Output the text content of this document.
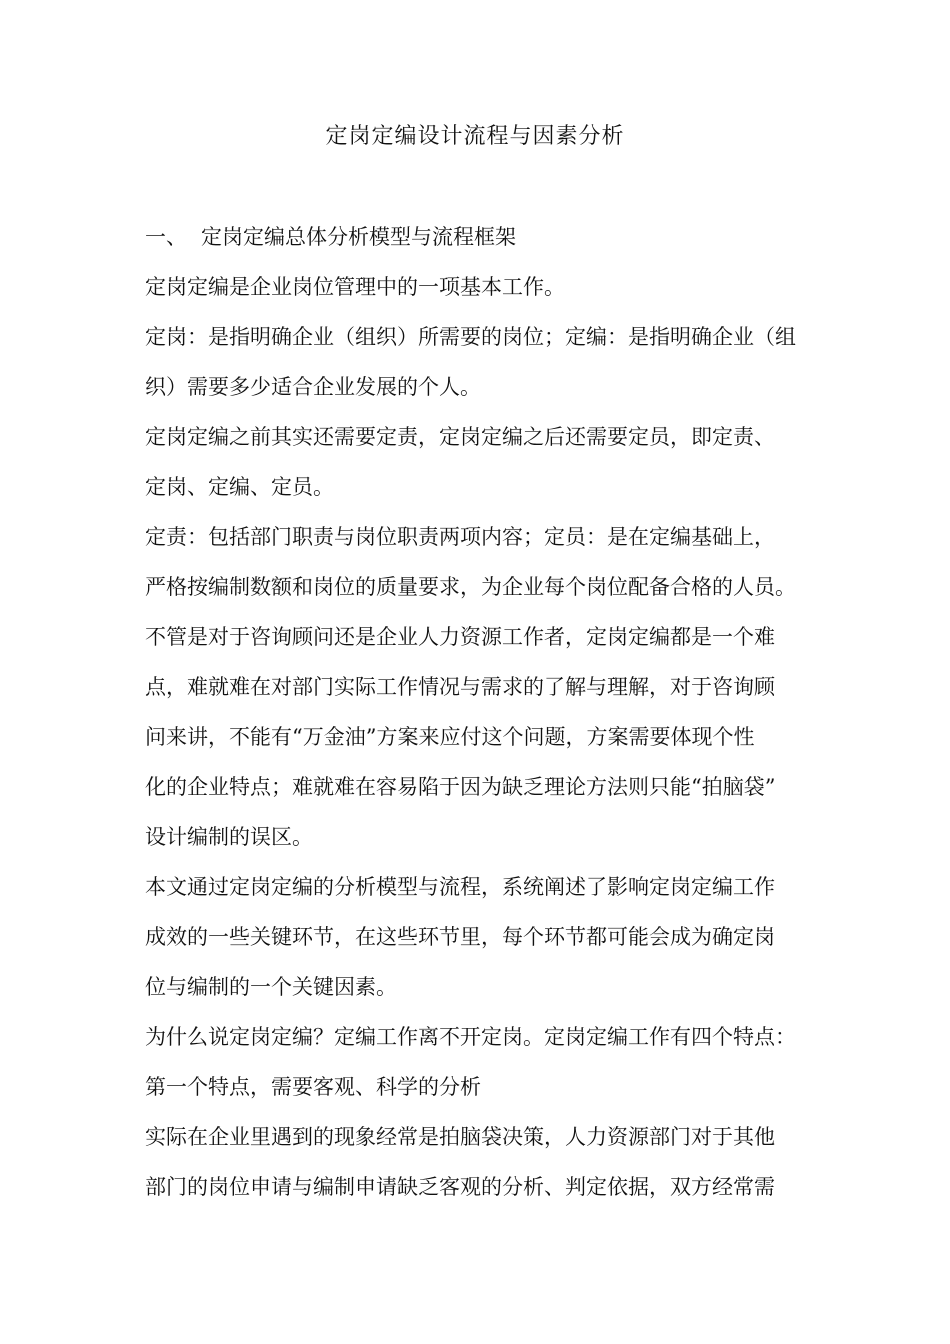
定岗定编设计流程与因素分析
一、 定岗定编总体分析模型与流程框架
定岗定编是企业岗位管理中的一项基本工作。
定岗：是指明确企业（组织）所需要的岗位；定编：是指明确企业（组
织）需要多少适合企业发展的个人。
定岗定编之前其实还需要定责，定岗定编之后还需要定员，即定责、
定岗、定编、定员。
定责：包括部门职责与岗位职责两项内容；定员：是在定编基础上，
严格按编制数额和岗位的质量要求，为企业每个岗位配备合格的人员。
不管是对于咨询顾问还是企业人力资源工作者，定岗定编都是一个难
点，难就难在对部门实际工作情况与需求的了解与理解，对于咨询顾
问来讲，不能有“万金油”方案来应付这个问题，方案需要体现个性
化的企业特点；难就难在容易陷于因为缺乏理论方法则只能“拍脑袋”
设计编制的误区。
本文通过定岗定编的分析模型与流程，系统阐述了影响定岗定编工作
成效的一些关键环节，在这些环节里，每个环节都可能会成为确定岗
位与编制的一个关键因素。
为什么说定岗定编？定编工作离不开定岗。定岗定编工作有四个特点：
第一个特点，需要客观、科学的分析
实际在企业里遇到的现象经常是拍脑袋决策，人力资源部门对于其他
部门的岗位申请与编制申请缺乏客观的分析、判定依据，双方经常需
